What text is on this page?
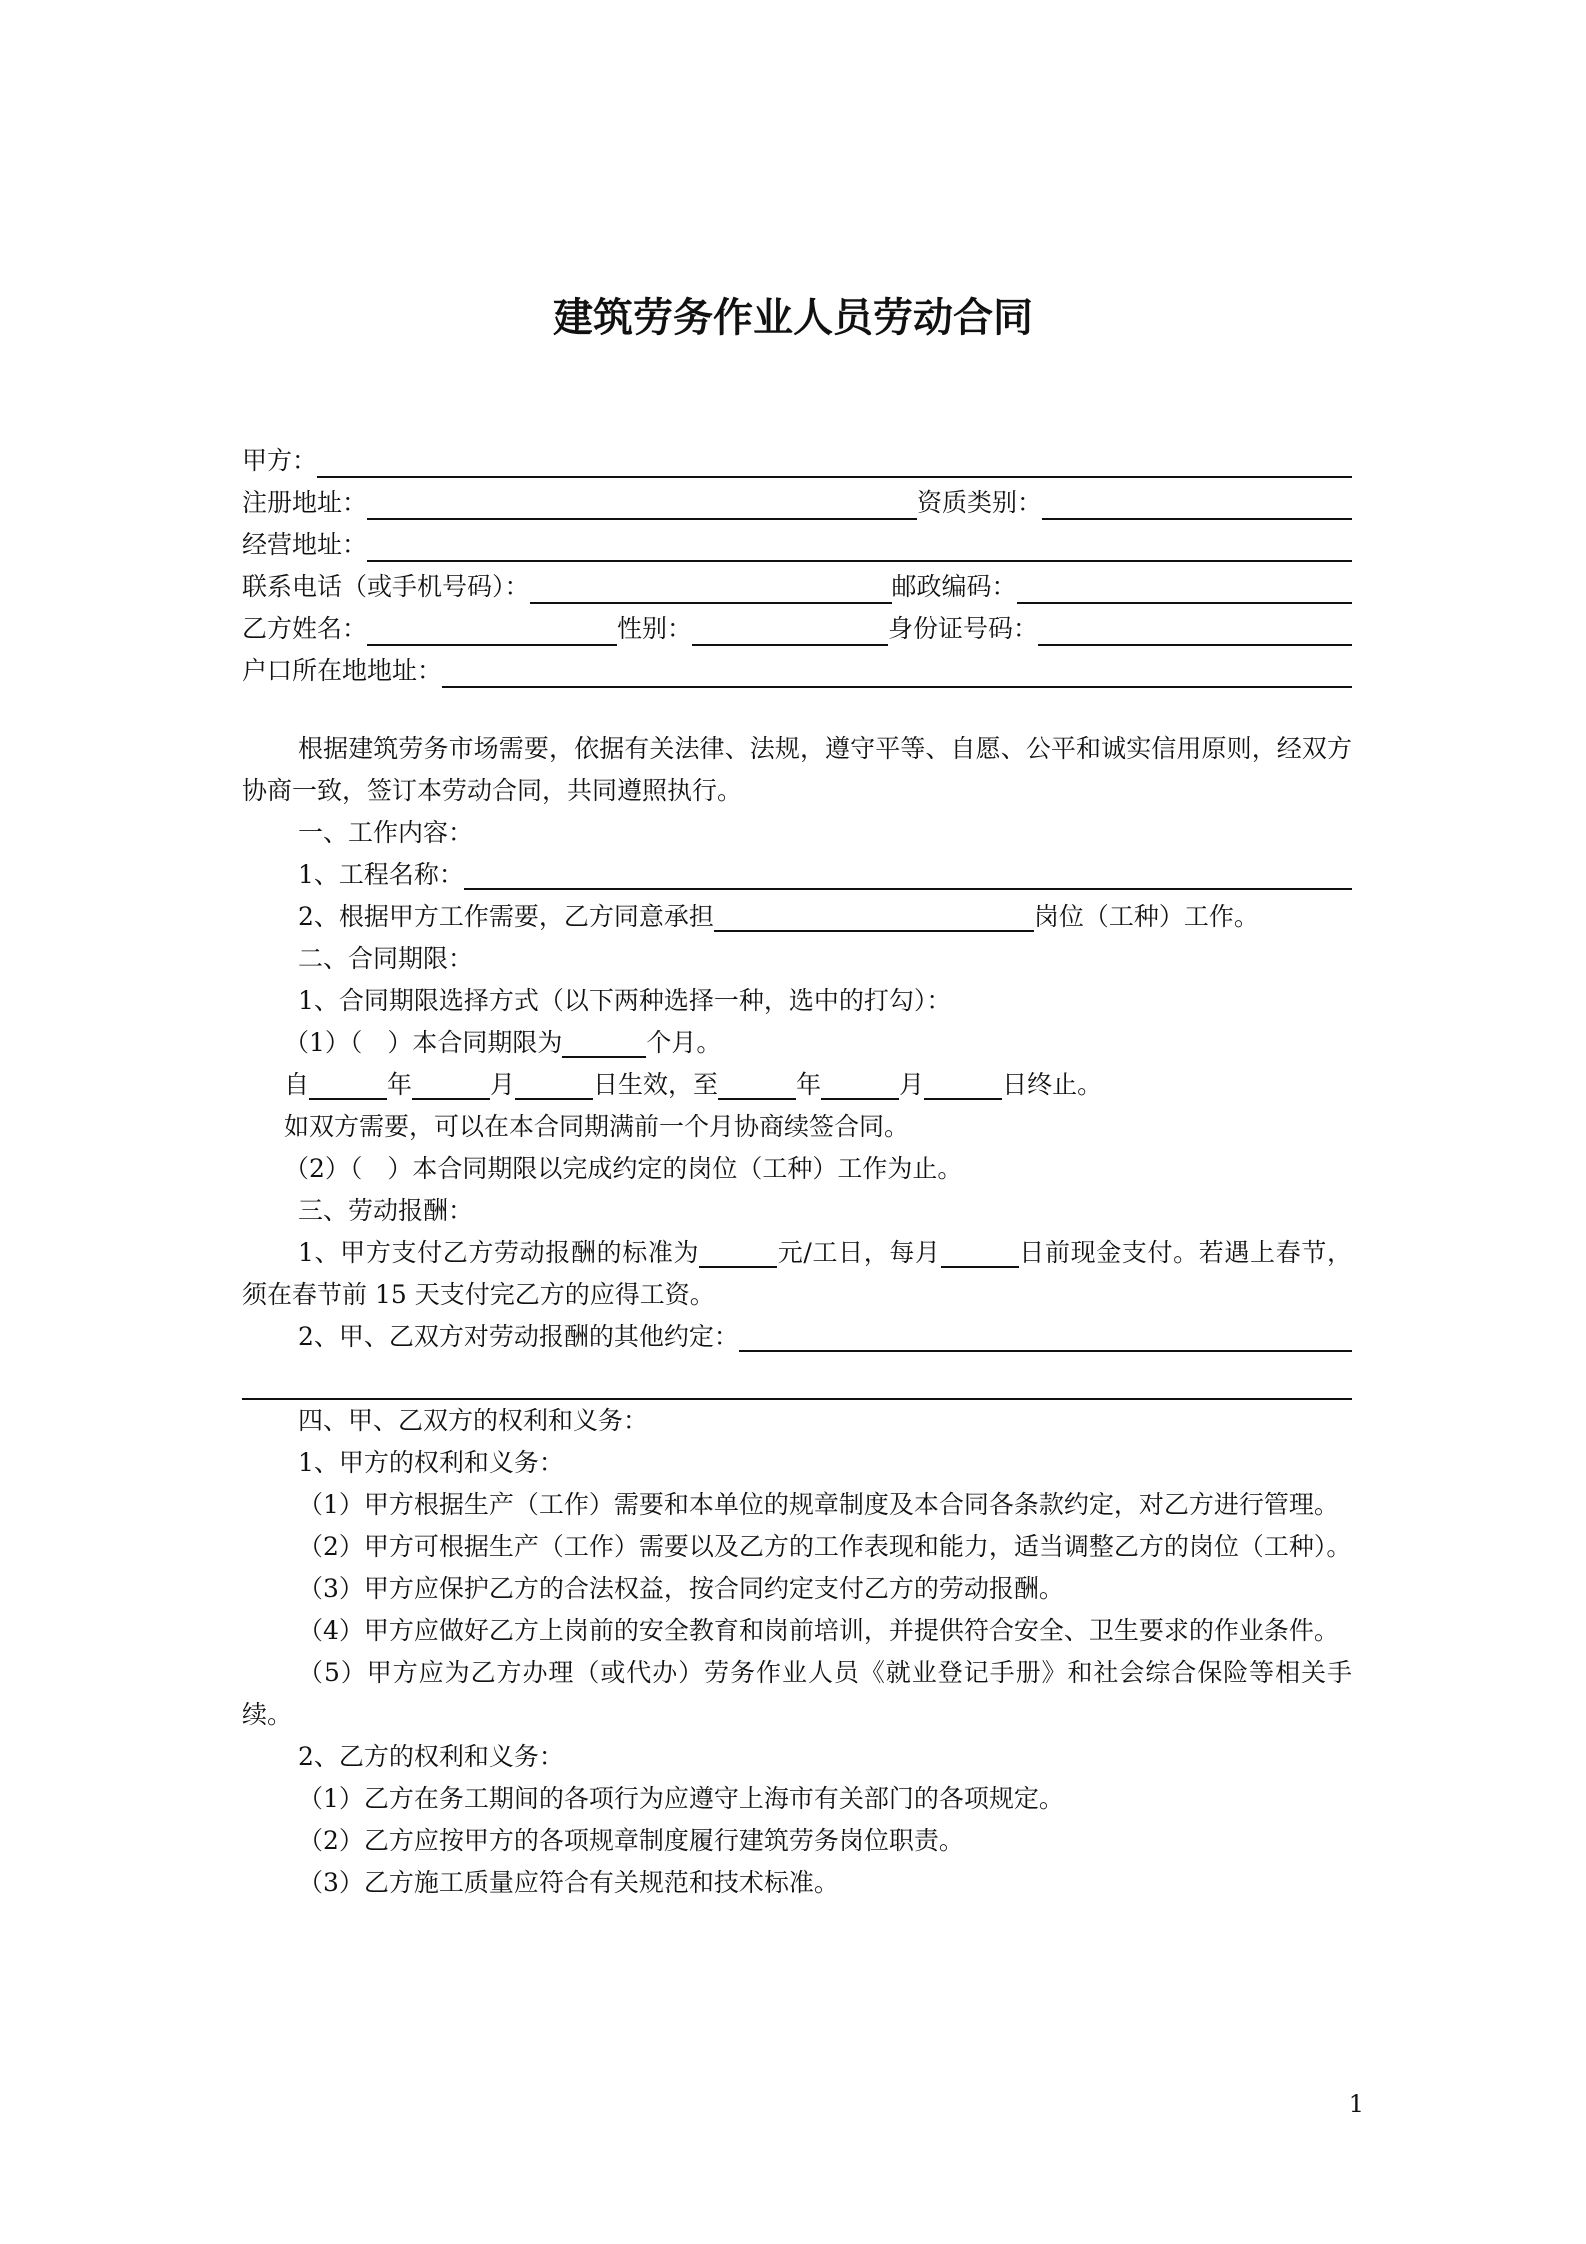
建筑劳务作业人员劳动合同
甲方：
注册地址：	资质类别：
经营地址：
联系电话（或手机号码）：	邮政编码：
乙方姓名：	性别：	身份证号码：
户口所在地地址：

根据建筑劳务市场需要，依据有关法律、法规，遵守平等、自愿、公平和诚实信用原则，经双方协商一致，签订本劳动合同，共同遵照执行。

一、工作内容：

1、工程名称：

2、根据甲方工作需要，乙方同意承担	岗位（工种）工作。

二、合同期限：

1、合同期限选择方式（以下两种选择一种，选中的打勾）：

（1）（　）本合同期限为	个月。

自	年	月	日生效，至	年	月	日终止。

如双方需要，可以在本合同期满前一个月协商续签合同。

（2）（　）本合同期限以完成约定的岗位（工种）工作为止。

三、劳动报酬：

1、甲方支付乙方劳动报酬的标准为	元/工日，每月	日前现金支付。若遇上春节，须在春节前 15 天支付完乙方的应得工资。

2、甲、乙双方对劳动报酬的其他约定：

四、甲、乙双方的权利和义务：

1、甲方的权利和义务：

（1）甲方根据生产（工作）需要和本单位的规章制度及本合同各条款约定，对乙方进行管理。

（2）甲方可根据生产（工作）需要以及乙方的工作表现和能力，适当调整乙方的岗位（工种）。

（3）甲方应保护乙方的合法权益，按合同约定支付乙方的劳动报酬。

（4）甲方应做好乙方上岗前的安全教育和岗前培训，并提供符合安全、卫生要求的作业条件。

（5）甲方应为乙方办理（或代办）劳务作业人员《就业登记手册》和社会综合保险等相关手续。

2、乙方的权利和义务：

（1）乙方在务工期间的各项行为应遵守上海市有关部门的各项规定。

（2）乙方应按甲方的各项规章制度履行建筑劳务岗位职责。

（3）乙方施工质量应符合有关规范和技术标准。

1
